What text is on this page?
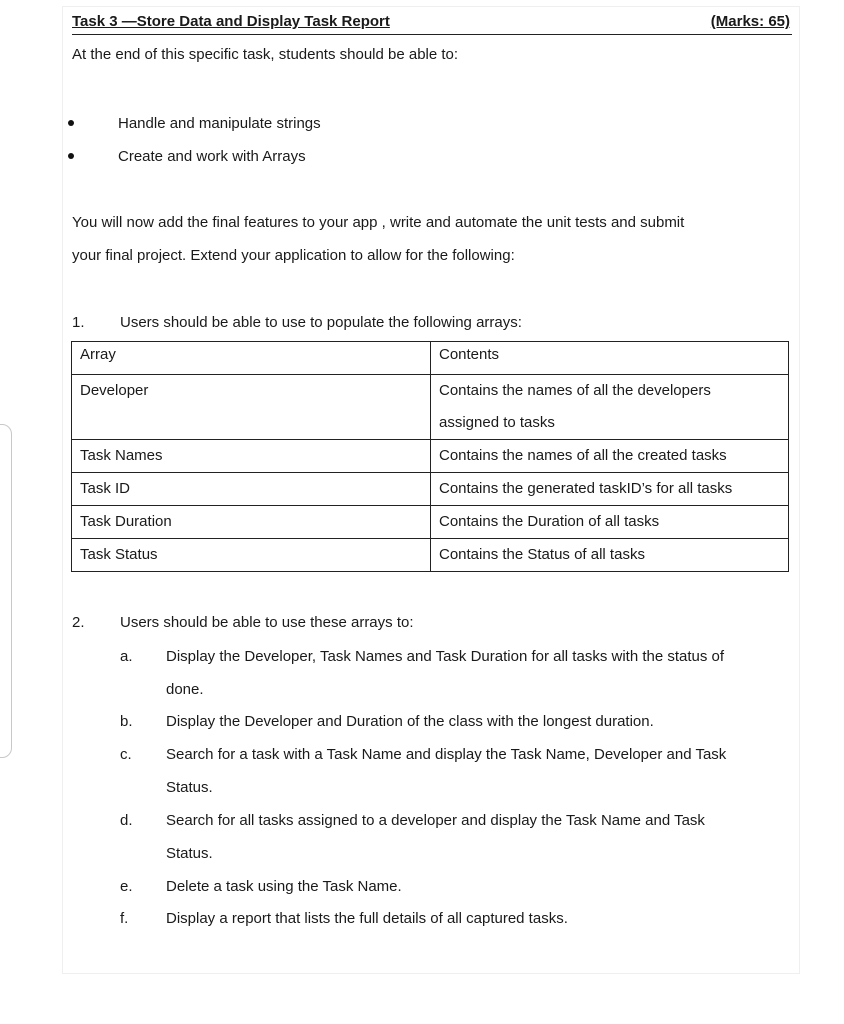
Task 3 —Store Data and Display Task Report	(Marks: 65)
At the end of this specific task, students should be able to:
Handle and manipulate strings
Create and work with Arrays
You will now add the final features to your app , write and automate the unit tests and submit
your final project. Extend your application to allow for the following:
1. Users should be able to use to populate the following arrays:
Array	Contents
Developer	Contains the names of all the developers
assigned to tasks

Task Names	Contains the names of all the created tasks
Task ID	Contains the generated taskID’s for all tasks
Task Duration	Contains the Duration of all tasks
Task Status	Contains the Status of all tasks
2. Users should be able to use these arrays to:
a. Display the Developer, Task Names and Task Duration for all tasks with the status of
done.
b. Display the Developer and Duration of the class with the longest duration.
c. Search for a task with a Task Name and display the Task Name, Developer and Task
Status.
d. Search for all tasks assigned to a developer and display the Task Name and Task
Status.
e. Delete a task using the Task Name.
f.	Display a report that lists the full details of all captured tasks.
